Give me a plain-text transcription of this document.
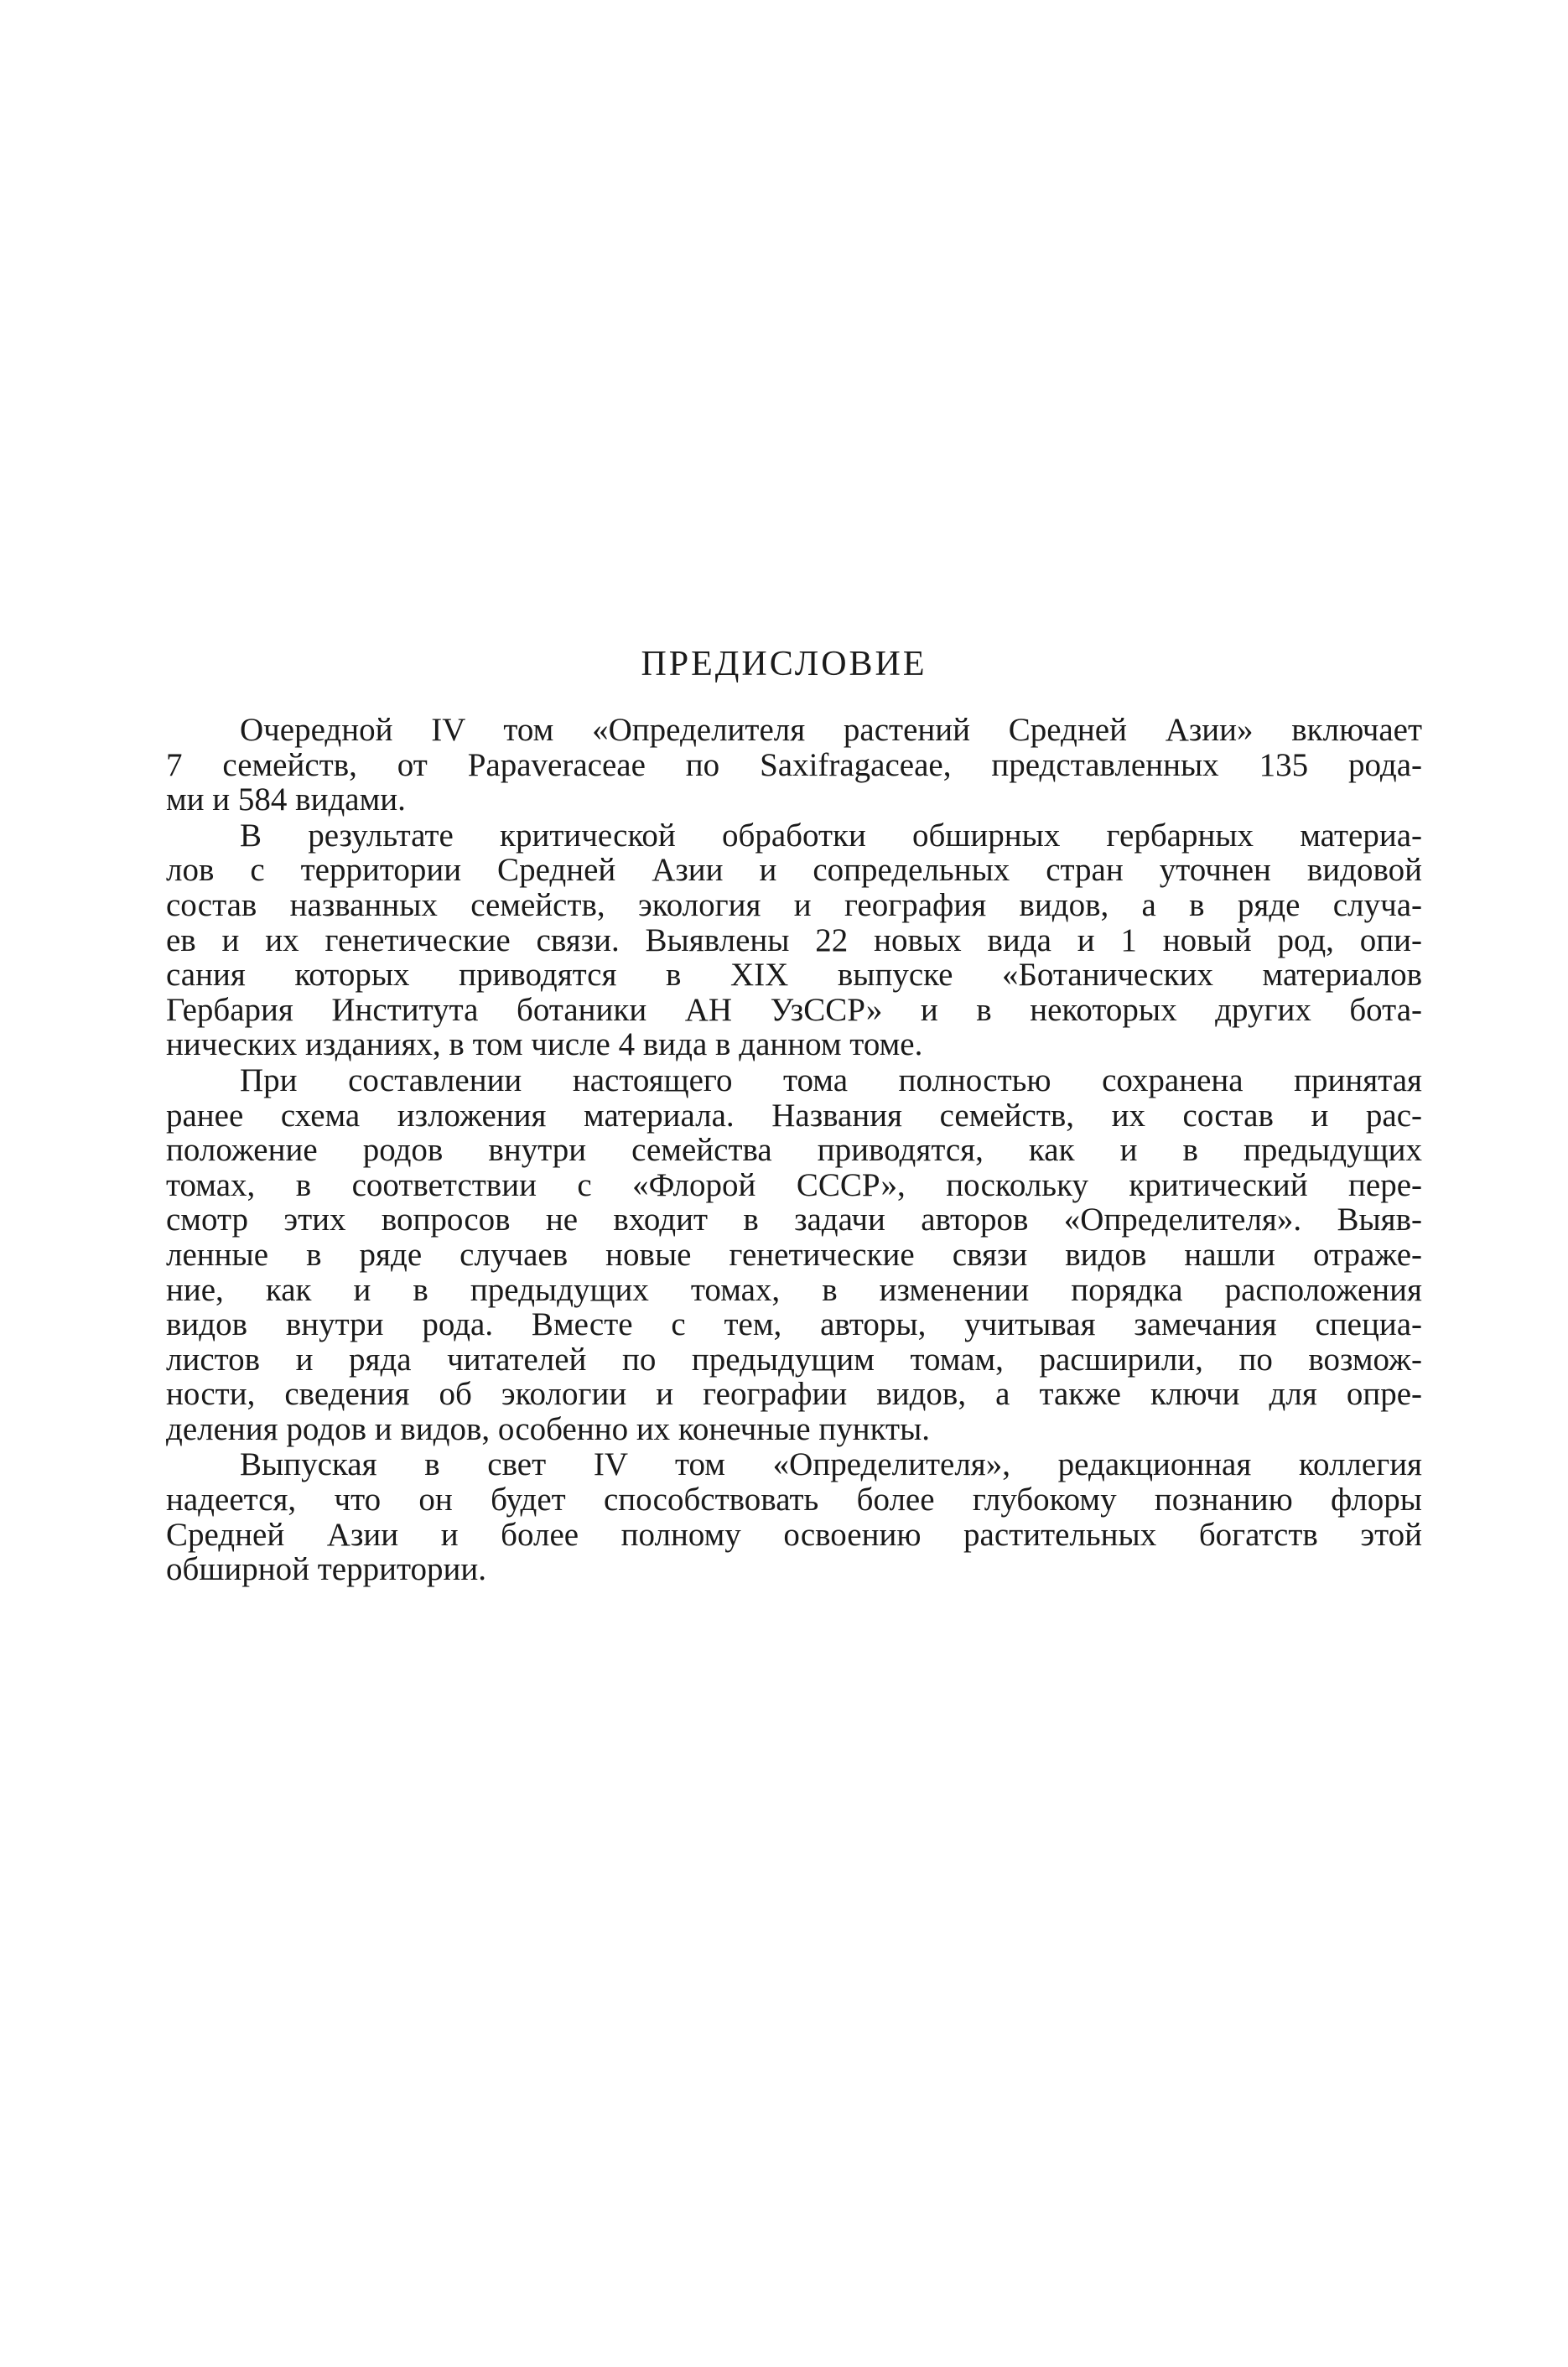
ПРЕДИСЛОВИЕ
Очередной IV том «Определителя растений Средней Азии» включает
7 семейств, от Papaveraceae по Saxifragaceae, представленных 135 рода-
ми и 584 видами.
В результате критической обработки обширных гербарных материа-
лов с территории Средней Азии и сопредельных стран уточнен видовой
состав названных семейств, экология и география видов, а в ряде случа-
ев и их генетические связи. Выявлены 22 новых вида и 1 новый род, опи-
сания которых приводятся в XIX выпуске «Ботанических материалов
Гербария Института ботаники АН УзССР» и в некоторых других бота-
нических изданиях, в том числе 4 вида в данном томе.
При составлении настоящего тома полностью сохранена принятая
ранее схема изложения материала. Названия семейств, их состав и рас-
положение родов внутри семейства приводятся, как и в предыдущих
томах, в соответствии с «Флорой СССР», поскольку критический пере-
смотр этих вопросов не входит в задачи авторов «Определителя». Выяв-
ленные в ряде случаев новые генетические связи видов нашли отраже-
ние, как и в предыдущих томах, в изменении порядка расположения
видов внутри рода. Вместе с тем, авторы, учитывая замечания специа-
листов и ряда читателей по предыдущим томам, расширили, по возмож-
ности, сведения об экологии и географии видов, а также ключи для опре-
деления родов и видов, особенно их конечные пункты.
Выпуская в свет IV том «Определителя», редакционная коллегия
надеется, что он будет способствовать более глубокому познанию флоры
Средней Азии и более полному освоению растительных богатств этой
обширной территории.
